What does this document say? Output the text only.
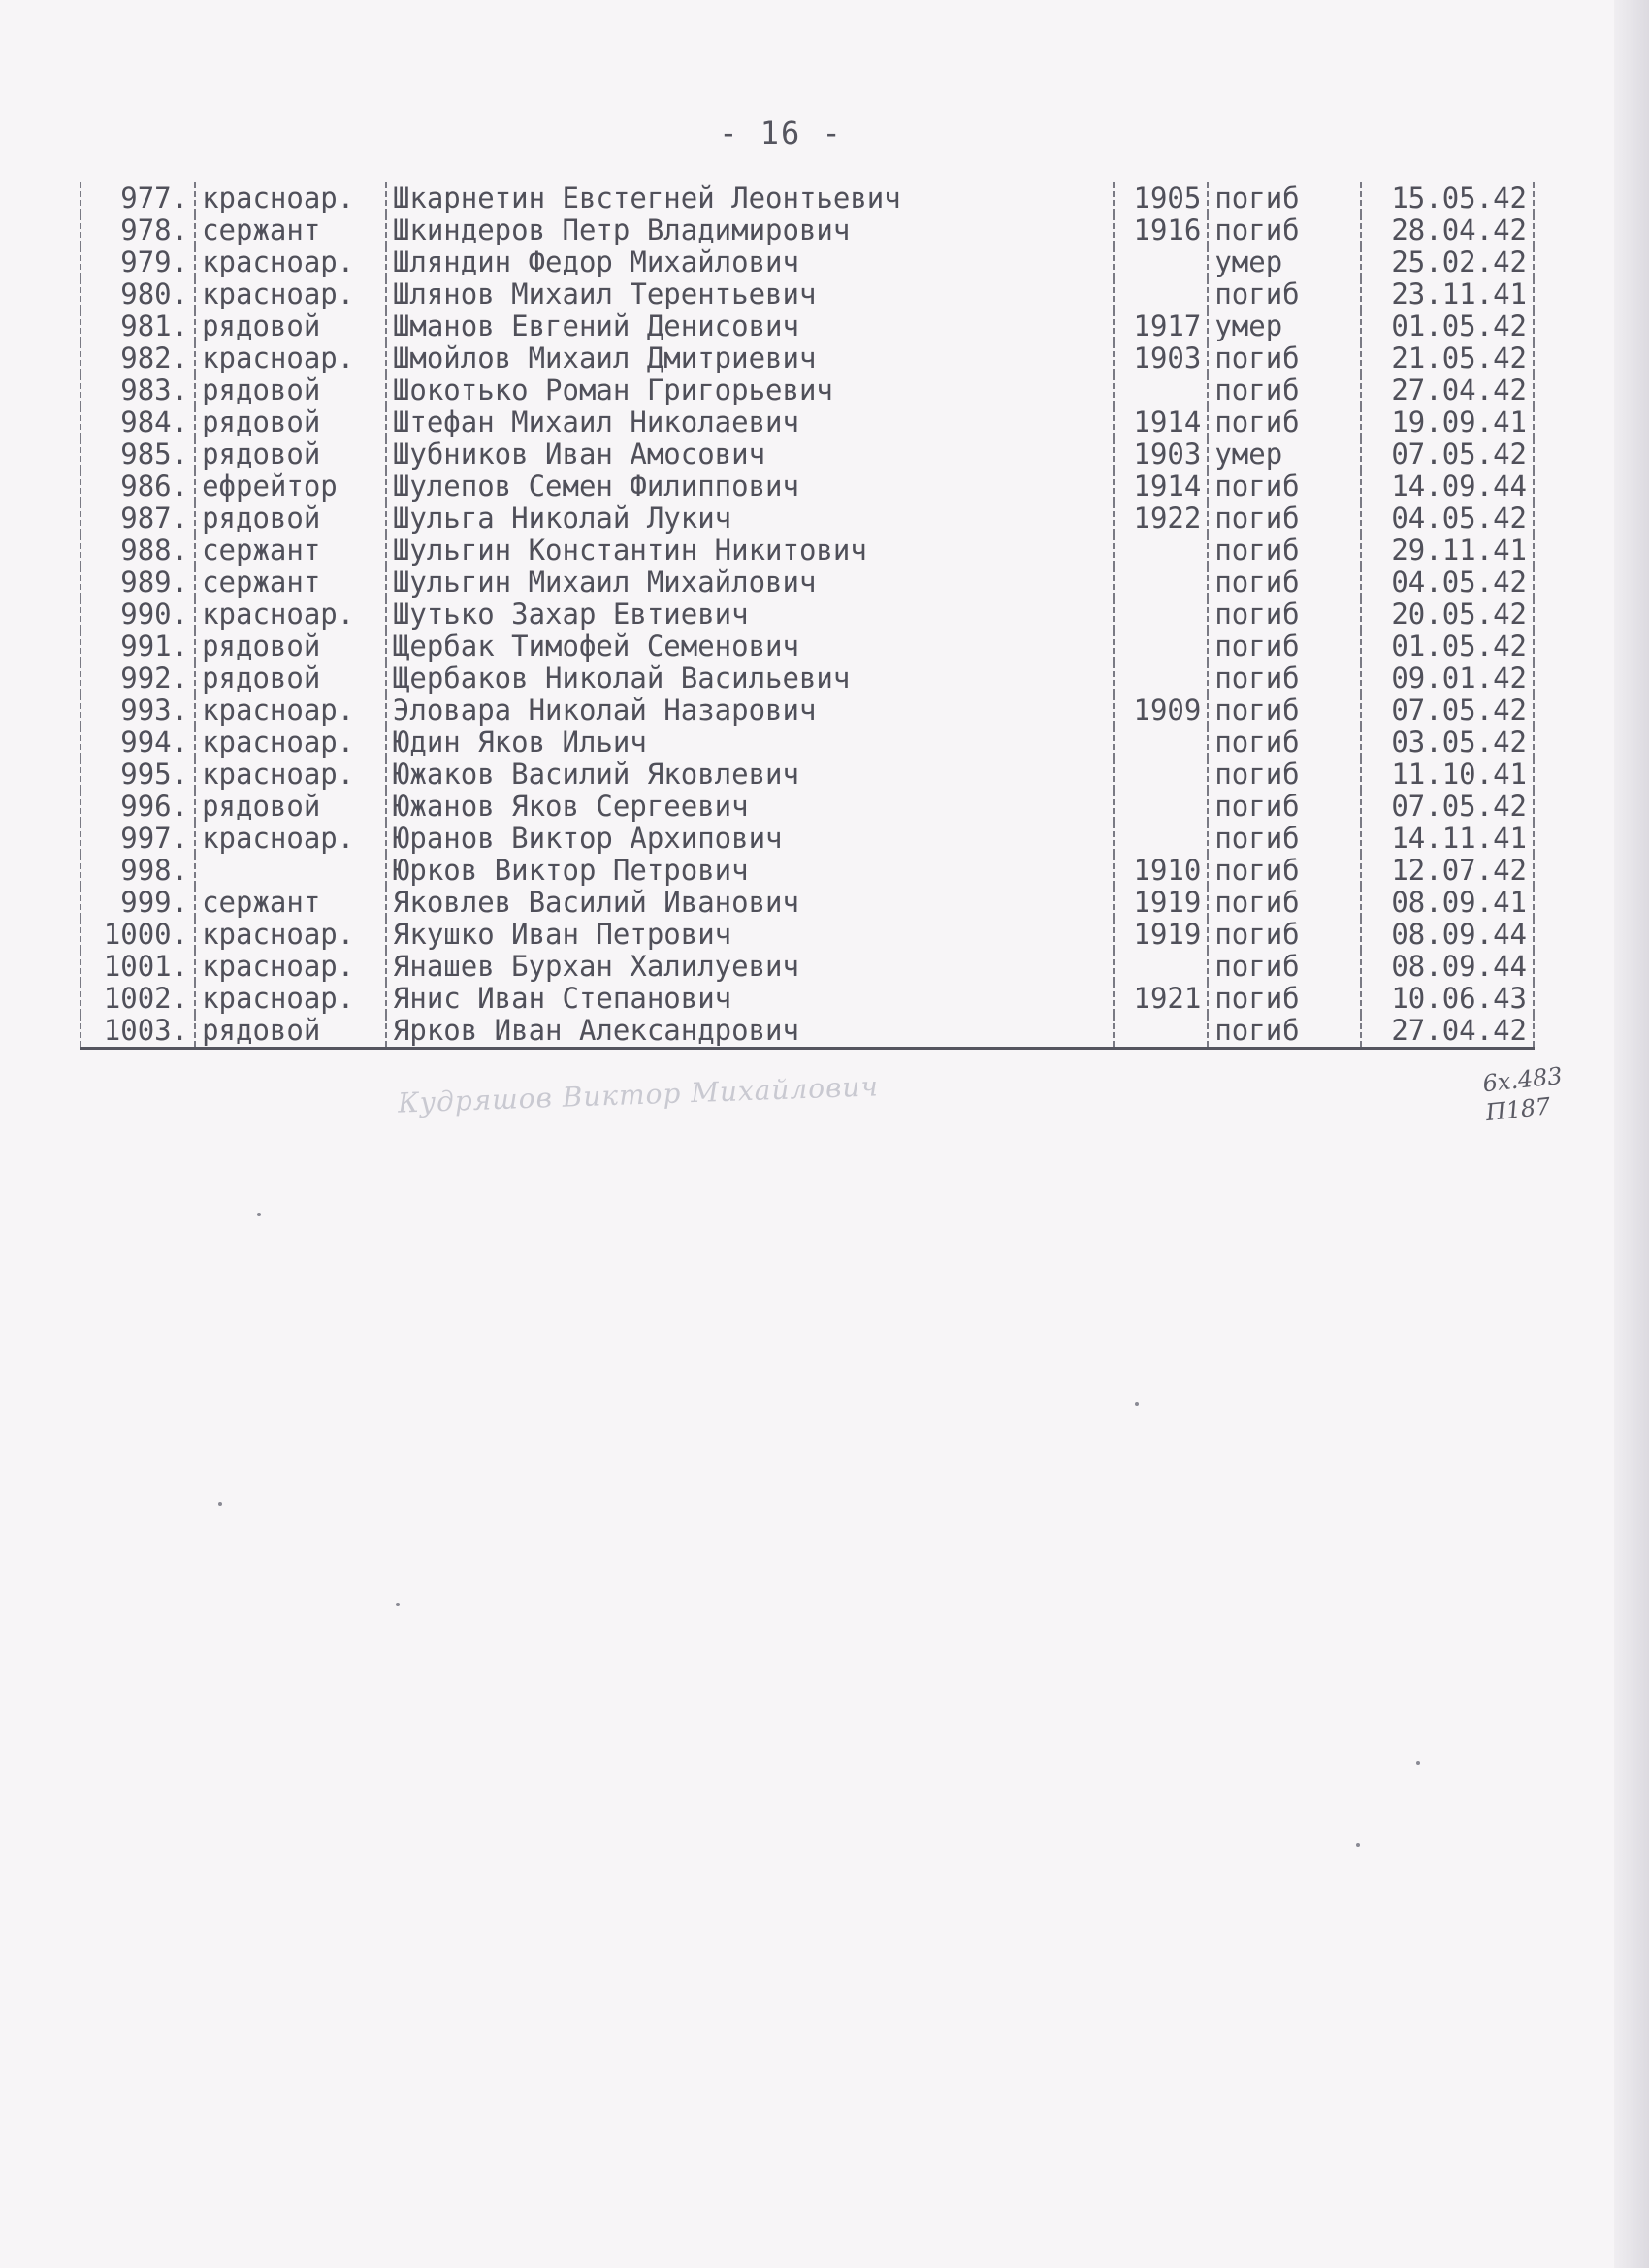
- 16 -
977.	красноар.	Шкарнетин Евстегней Леонтьевич	1905	погиб	15.05.42
978.	сержант	Шкиндеров Петр Владимирович	1916	погиб	28.04.42
979.	красноар.	Шляндин Федор Михайлович		умер	25.02.42
980.	красноар.	Шлянов Михаил Терентьевич		погиб	23.11.41
981.	рядовой	Шманов Евгений Денисович	1917	умер	01.05.42
982.	красноар.	Шмойлов Михаил Дмитриевич	1903	погиб	21.05.42
983.	рядовой	Шокотько Роман Григорьевич		погиб	27.04.42
984.	рядовой	Штефан Михаил Николаевич	1914	погиб	19.09.41
985.	рядовой	Шубников Иван Амосович	1903	умер	07.05.42
986.	ефрейтор	Шулепов Семен Филиппович	1914	погиб	14.09.44
987.	рядовой	Шульга Николай Лукич	1922	погиб	04.05.42
988.	сержант	Шульгин Константин Никитович		погиб	29.11.41
989.	сержант	Шульгин Михаил Михайлович		погиб	04.05.42
990.	красноар.	Шутько Захар Евтиевич		погиб	20.05.42
991.	рядовой	Щербак Тимофей Семенович		погиб	01.05.42
992.	рядовой	Щербаков Николай Васильевич		погиб	09.01.42
993.	красноар.	Эловара Николай Назарович	1909	погиб	07.05.42
994.	красноар.	Юдин Яков Ильич		погиб	03.05.42
995.	красноар.	Южаков Василий Яковлевич		погиб	11.10.41
996.	рядовой	Южанов Яков Сергеевич		погиб	07.05.42
997.	красноар.	Юранов Виктор Архипович		погиб	14.11.41
998.		Юрков Виктор Петрович	1910	погиб	12.07.42
999.	сержант	Яковлев Василий Иванович	1919	погиб	08.09.41
1000.	красноар.	Якушко Иван Петрович	1919	погиб	08.09.44
1001.	красноар.	Янашев Бурхан Халилуевич		погиб	08.09.44
1002.	красноар.	Янис Иван Степанович	1921	погиб	10.06.43
1003.	рядовой	Ярков Иван Александрович		погиб	27.04.42
Кудряшов Виктор Михайлович	6х.483
П187
